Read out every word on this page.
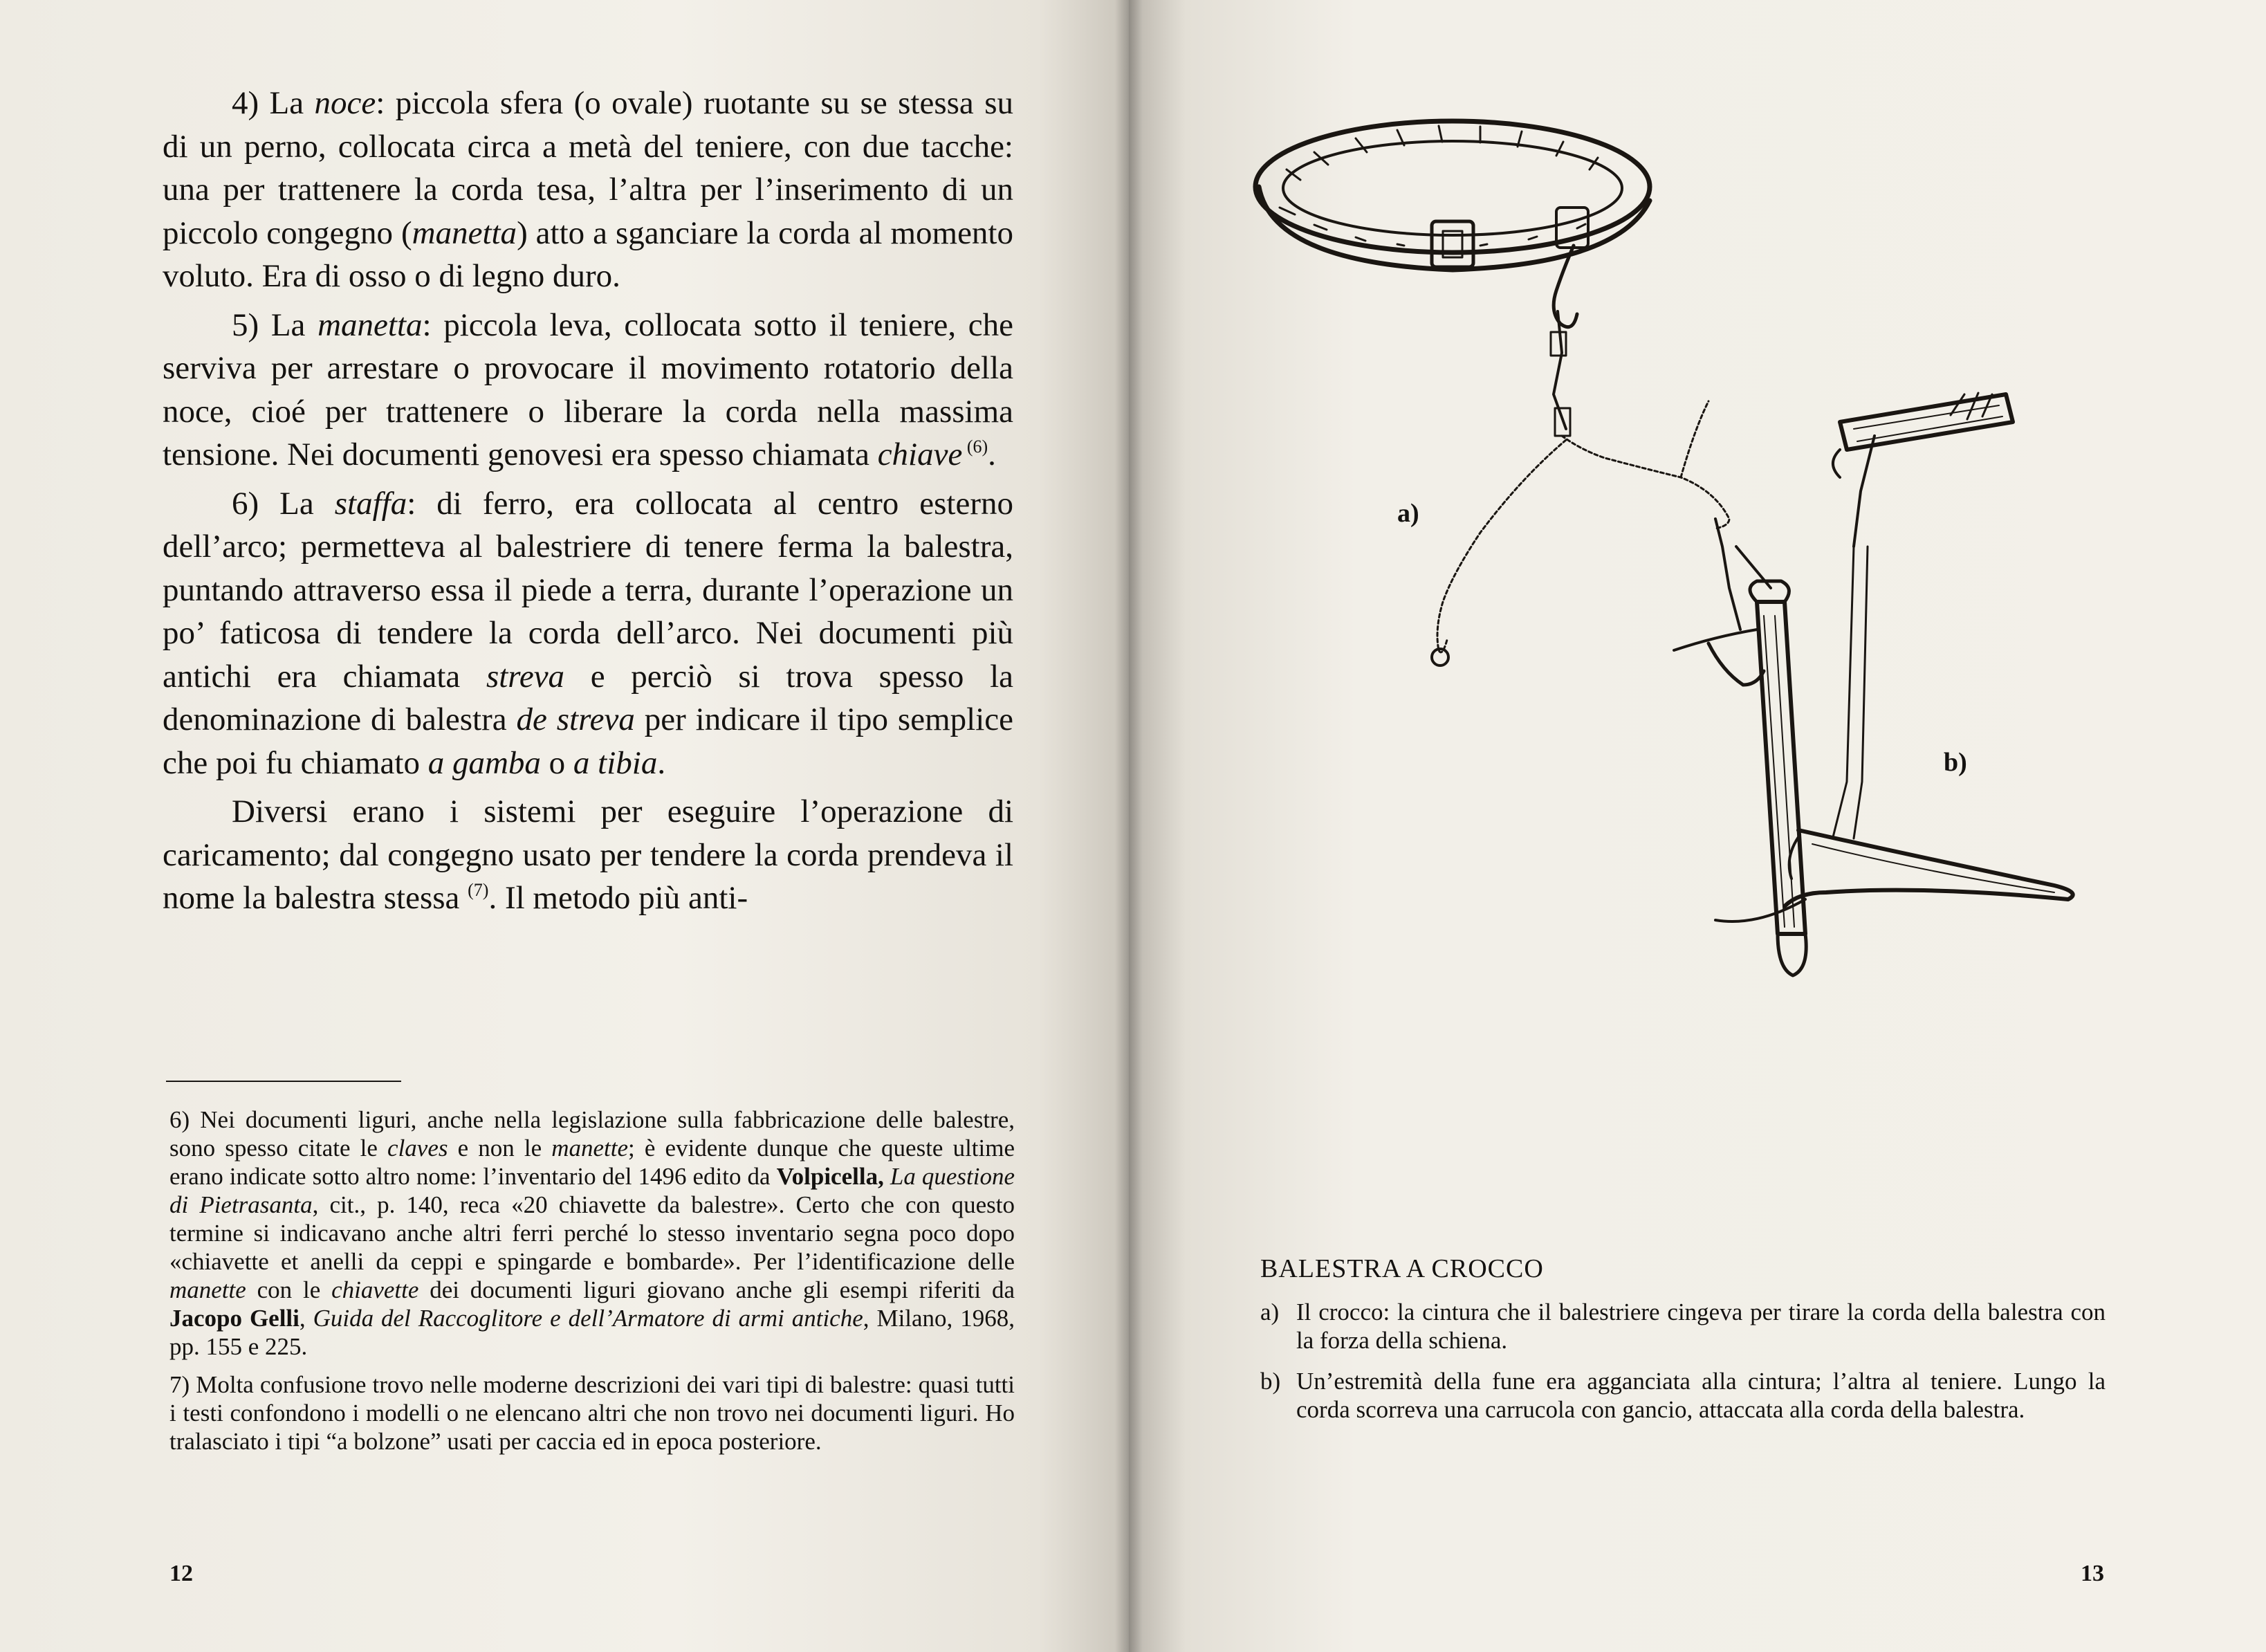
4) La noce: piccola sfera (o ovale) ruotante su se stessa su di un perno, collocata circa a metà del teniere, con due tacche: una per trattenere la corda tesa, l’altra per l’inserimento di un piccolo congegno (manetta) atto a sganciare la corda al momento voluto. Era di osso o di legno duro.

5) La manetta: piccola leva, collocata sotto il teniere, che serviva per arrestare o provocare il movimento rotatorio della noce, cioé per trattenere o liberare la corda nella massima tensione. Nei documenti genovesi era spesso chiamata chiave $^{(6)}$.

6) La staffa: di ferro, era collocata al centro esterno dell’arco; permetteva al balestriere di tenere ferma la balestra, puntando attraverso essa il piede a terra, durante l’operazione un po’ faticosa di tendere la corda dell’arco. Nei documenti più antichi era chiamata streva e perciò si trova spesso la denominazione di balestra de streva per indicare il tipo semplice che poi fu chiamato a gamba o a tibia.

Diversi erano i sistemi per eseguire l’operazione di caricamento; dal congegno usato per tendere la corda prendeva il nome la balestra stessa $^{(7)}$. Il metodo più anti-

6) Nei documenti liguri, anche nella legislazione sulla fabbricazione delle balestre, sono spesso citate le claves e non le manette; è evidente dunque che queste ultime erano indicate sotto altro nome: l’inventario del 1496 edito da Volpicella, La questione di Pietrasanta, cit., p. 140, reca «20 chiavette da balestre». Certo che con questo termine si indicavano anche altri ferri perché lo stesso inventario segna poco dopo «chiavette et anelli da ceppi e spingarde e bombarde». Per l’identificazione delle manette con le chiavette dei documenti liguri giovano anche gli esempi riferiti da Jacopo Gelli, Guida del Raccoglitore e dell’Armatore di armi antiche, Milano, 1968, pp. 155 e 225.

7) Molta confusione trovo nelle moderne descrizioni dei vari tipi di balestre: quasi tutti i testi confondono i modelli o ne elencano altri che non trovo nei documenti liguri. Ho tralasciato i tipi “a bolzone” usati per caccia ed in epoca posteriore.

12

a)
b)
BALESTRA A CROCCO
a) Il crocco: la cintura che il balestriere cingeva per tirare la corda della balestra con la forza della schiena.
b) Un’estremità della fune era agganciata alla cintura; l’altra al teniere. Lungo la corda scorreva una carrucola con gancio, attaccata alla corda della balestra.
13
